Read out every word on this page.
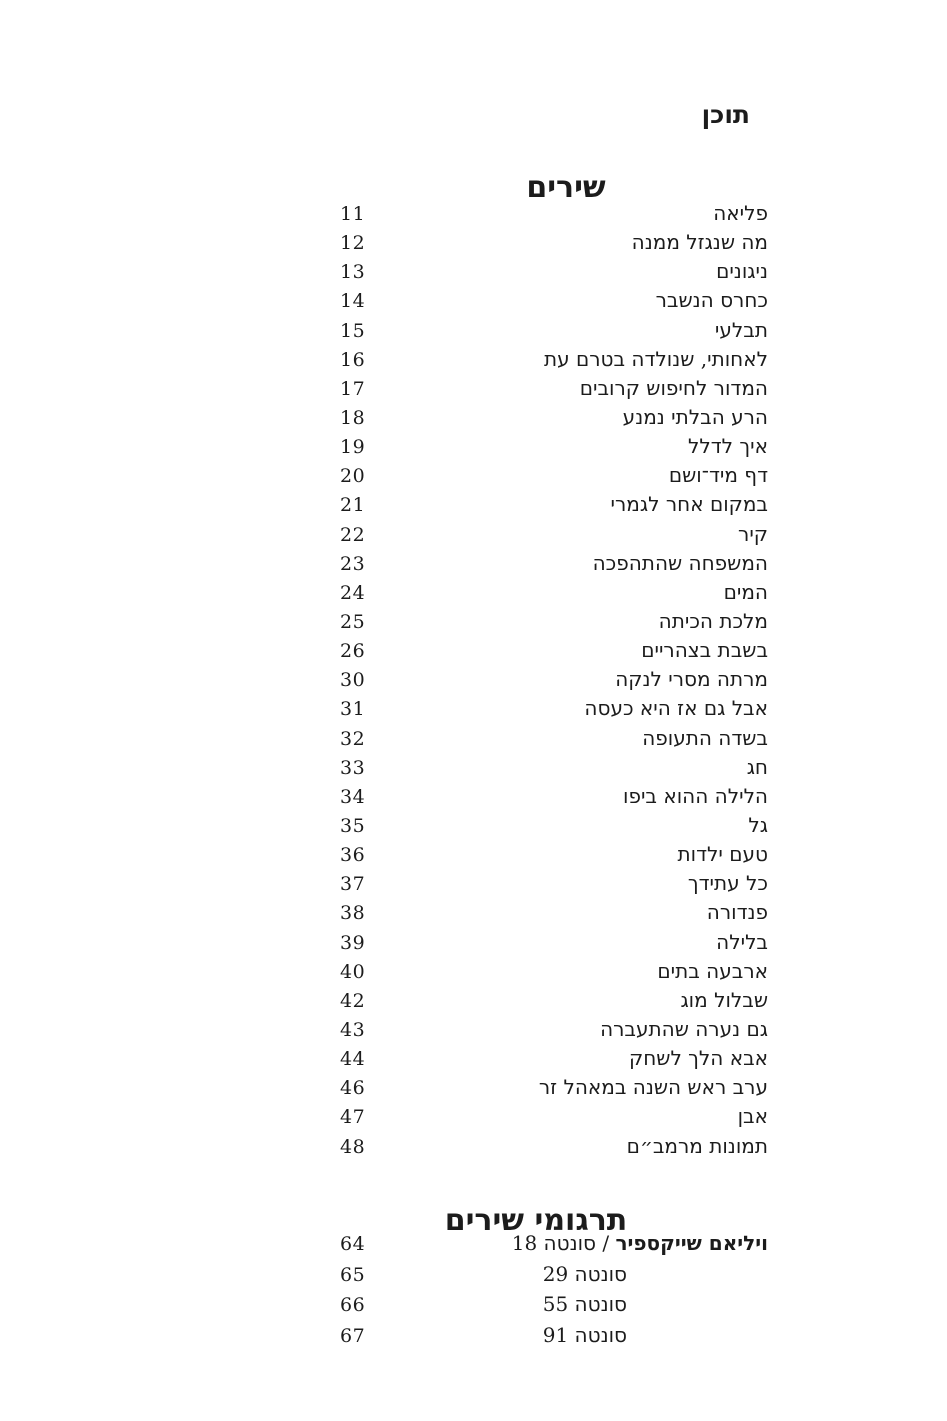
תוכן
שירים
11	פליאה
12	מה שנגזל ממנה
13	ניגונים
14	כחרס הנשבר
15	תבלעי
16	לאחותי, שנולדה בטרם עת
17	המדור לחיפוש קרובים
18	הרע הבלתי נמנע
19	איך לדלל
20	דף מיד־ושם
21	במקום אחר לגמרי
22	קיר
23	המשפחה שהתהפכה
24	המים
25	מלכת הכיתה
26	בשבת בצהריים
30	מרתה מסרי לנקה
31	אבל גם אז היא כעסה
32	בשדה התעופה
33	חג
34	הלילה ההוא ביפו
35	גל
36	טעם ילדות
37	כל עתידך
38	פנדורה
39	בלילה
40	ארבעה בתים
42	שבלול מוג
43	גם נערה שהתעברה
44	אבא הלך לשחק
46	ערב ראש השנה במאהל זר
47	אבן
48	תמונות מרמב״ם
תרגומי שירים
64	ויליאם שייקספיר / סונטה 18
65	סונטה 29
66	סונטה 55
67	סונטה 91
